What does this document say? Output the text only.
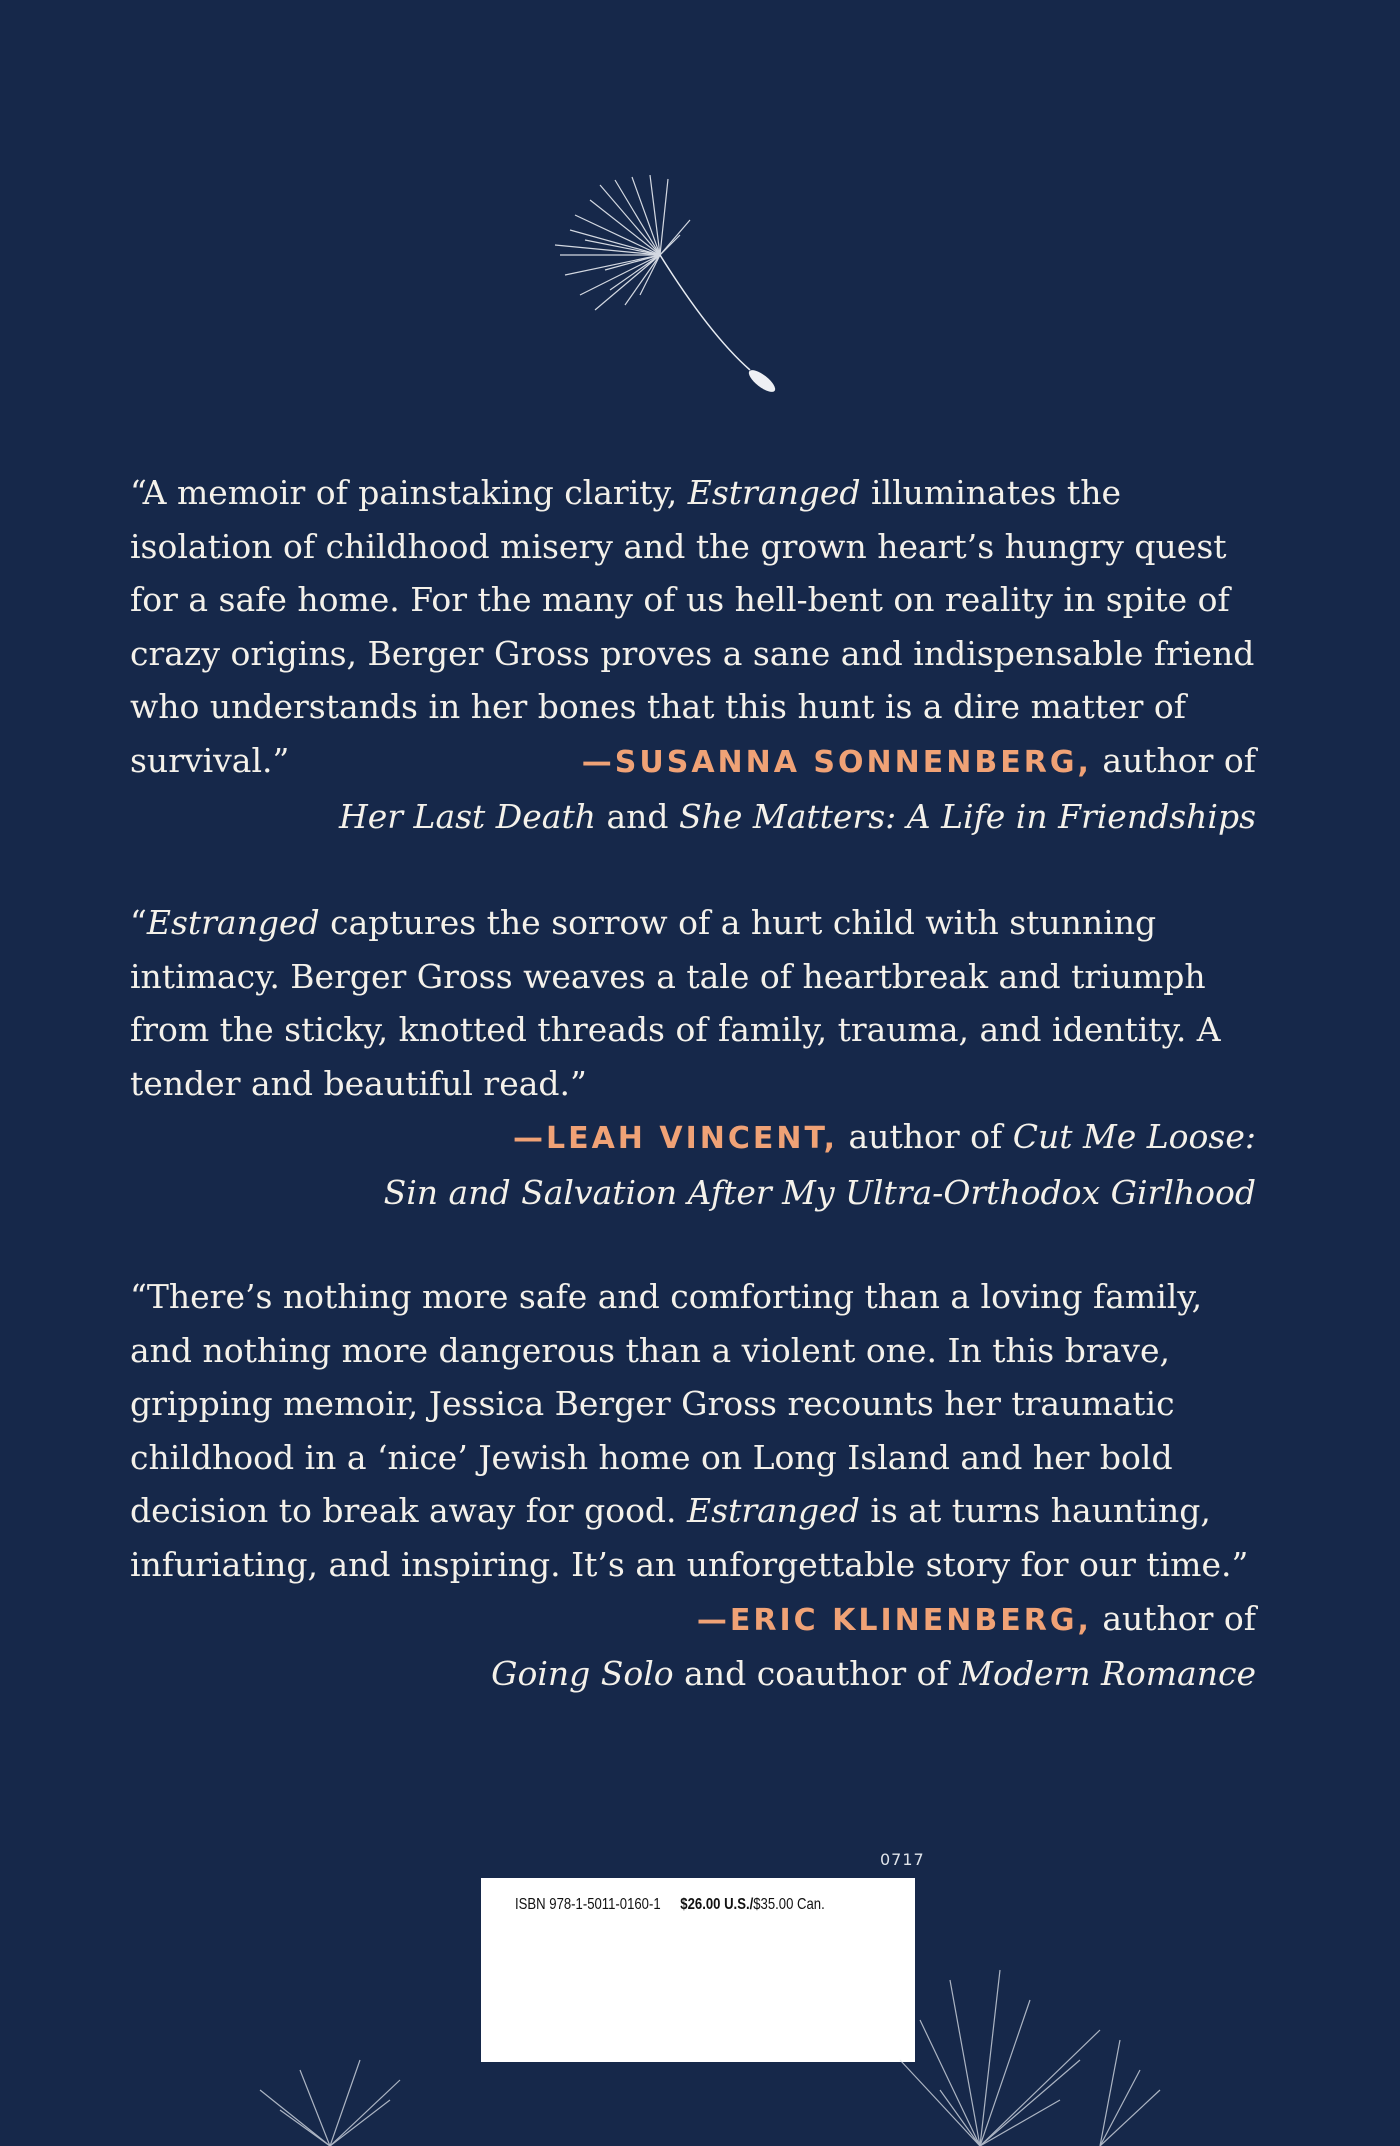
“A memoir of painstaking clarity, Estranged illuminates the isolation of childhood misery and the grown heart’s hungry quest for a safe home. For the many of us hell-bent on reality in spite of crazy origins, Berger Gross proves a sane and indispensable friend who understands in her bones that this hunt is a dire matter of survival.”	—SUSANNA SONNENBERG, author of

Her Last Death and She Matters: A Life in Friendships

“Estranged captures the sorrow of a hurt child with stunning intimacy. Berger Gross weaves a tale of heartbreak and triumph from the sticky, knotted threads of family, trauma, and identity. A tender and beautiful read.”

—LEAH VINCENT, author of Cut Me Loose:

Sin and Salvation After My Ultra-Orthodox Girlhood

“There’s nothing more safe and comforting than a loving family, and nothing more dangerous than a violent one. In this brave, gripping memoir, Jessica Berger Gross recounts her traumatic childhood in a ‘nice’ Jewish home on Long Island and her bold decision to break away for good. Estranged is at turns haunting, infuriating, and inspiring. It’s an unforgettable story for our time.”

—ERIC KLINENBERG, author of

Going Solo and coauthor of Modern Romance

0717
ISBN 978-1-5011-0160-1 $26.00 U.S./$35.00 Can.
